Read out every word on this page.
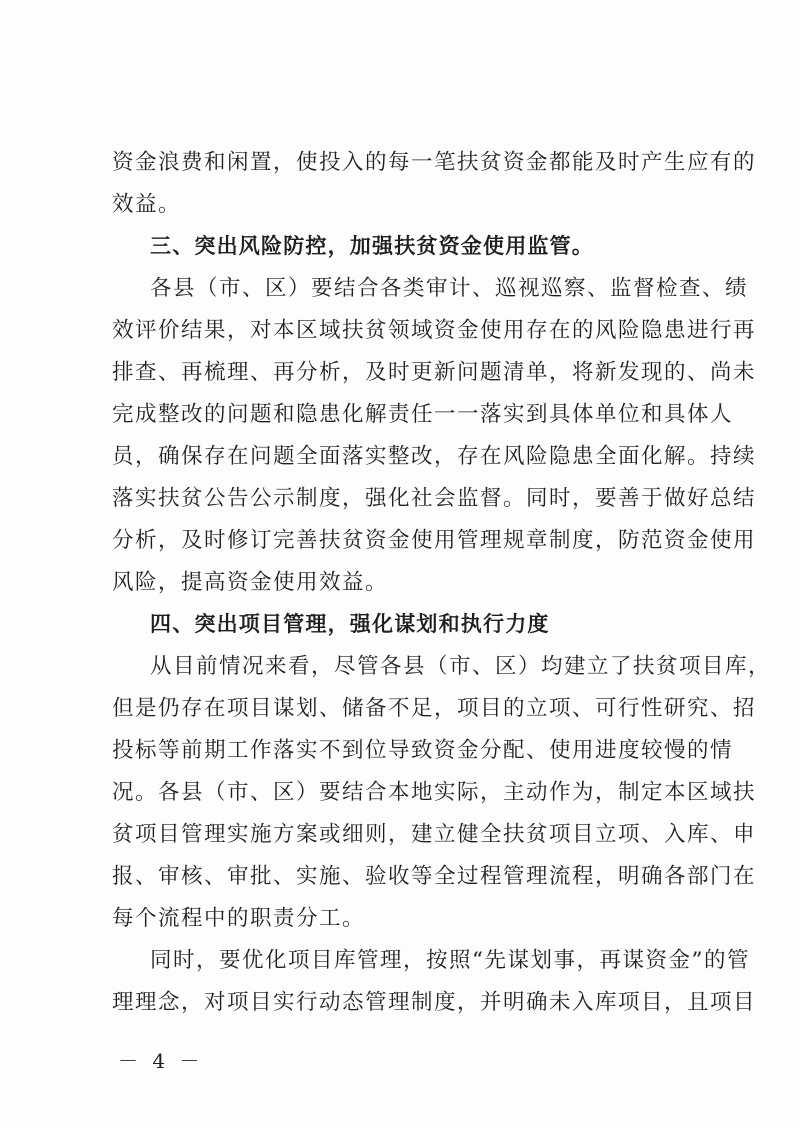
资金浪费和闲置，使投入的每一笔扶贫资金都能及时产生应有的
效益。
三、突出风险防控，加强扶贫资金使用监管。
各县（市、区）要结合各类审计、巡视巡察、监督检查、绩
效评价结果，对本区域扶贫领域资金使用存在的风险隐患进行再
排查、再梳理、再分析，及时更新问题清单，将新发现的、尚未
完成整改的问题和隐患化解责任一一落实到具体单位和具体人
员，确保存在问题全面落实整改，存在风险隐患全面化解。持续
落实扶贫公告公示制度，强化社会监督。同时，要善于做好总结
分析，及时修订完善扶贫资金使用管理规章制度，防范资金使用
风险，提高资金使用效益。
四、突出项目管理，强化谋划和执行力度
从目前情况来看，尽管各县（市、区）均建立了扶贫项目库，
但是仍存在项目谋划、储备不足，项目的立项、可行性研究、招
投标等前期工作落实不到位导致资金分配、使用进度较慢的情
况。各县（市、区）要结合本地实际，主动作为，制定本区域扶
贫项目管理实施方案或细则，建立健全扶贫项目立项、入库、申
报、审核、审批、实施、验收等全过程管理流程，明确各部门在
每个流程中的职责分工。
同时，要优化项目库管理，按照“先谋划事，再谋资金”的管
理理念，对项目实行动态管理制度，并明确未入库项目，且项目
－ 4 －
